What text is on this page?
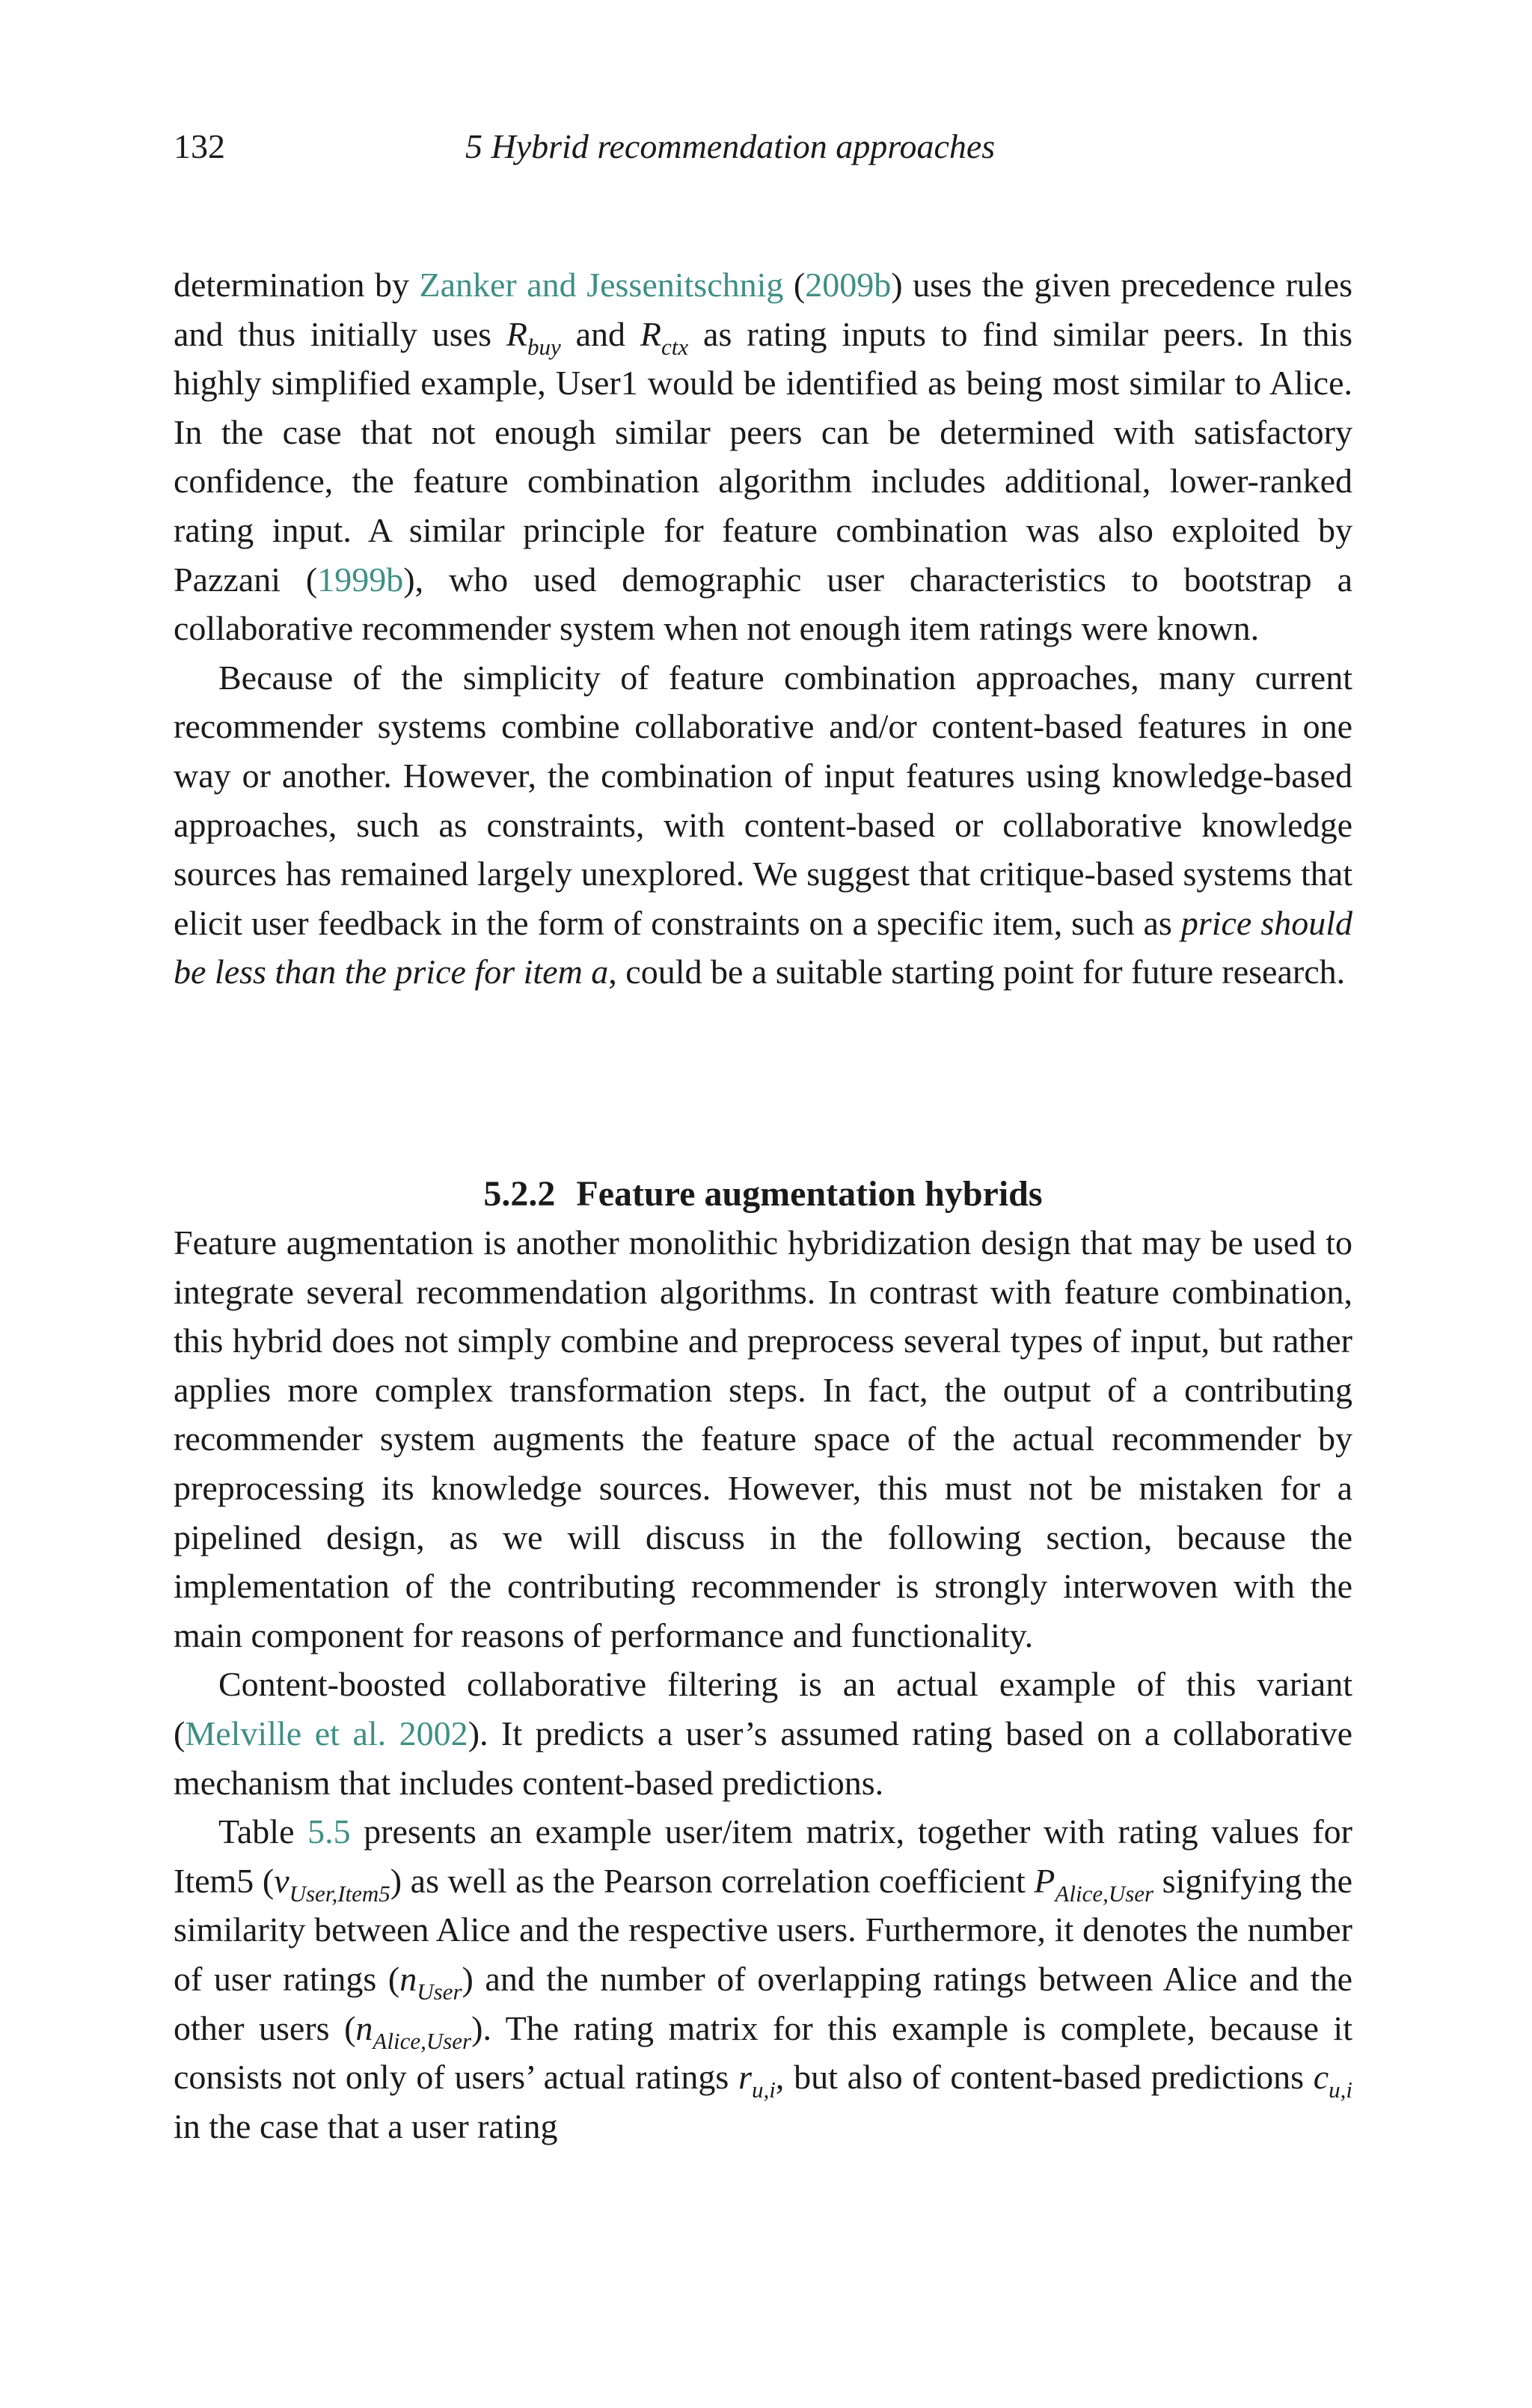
132	5 Hybrid recommendation approaches

determination by Zanker and Jessenitschnig (2009b) uses the given precedence rules and thus initially uses $R_{buy}$ and $R_{ctx}$ as rating inputs to find similar peers. In this highly simplified example, User1 would be identified as being most similar to Alice. In the case that not enough similar peers can be determined with satisfactory confidence, the feature combination algorithm includes additional, lower-ranked rating input. A similar principle for feature combination was also exploited by Pazzani (1999b), who used demographic user characteristics to bootstrap a collaborative recommender system when not enough item ratings were known.

Because of the simplicity of feature combination approaches, many current recommender systems combine collaborative and/or content-based features in one way or another. However, the combination of input features using knowledge-based approaches, such as constraints, with content-based or collaborative knowledge sources has remained largely unexplored. We suggest that critique-based systems that elicit user feedback in the form of constraints on a specific item, such as price should be less than the price for item a, could be a suitable starting point for future research.

5.2.2 Feature augmentation hybrids

Feature augmentation is another monolithic hybridization design that may be used to integrate several recommendation algorithms. In contrast with feature combination, this hybrid does not simply combine and preprocess several types of input, but rather applies more complex transformation steps. In fact, the output of a contributing recommender system augments the feature space of the actual recommender by preprocessing its knowledge sources. However, this must not be mistaken for a pipelined design, as we will discuss in the following section, because the implementation of the contributing recommender is strongly interwoven with the main component for reasons of performance and functionality.

Content-boosted collaborative filtering is an actual example of this variant (Melville et al. 2002). It predicts a user’s assumed rating based on a collaborative mechanism that includes content-based predictions.

Table 5.5 presents an example user/item matrix, together with rating values for Item5 $(v_{User,Item5})$ as well as the Pearson correlation coefficient $P_{Alice,User}$ signifying the similarity between Alice and the respective users. Furthermore, it denotes the number of user ratings $(n_{User})$ and the number of overlapping ratings between Alice and the other users $(n_{Alice,User})$. The rating matrix for this example is complete, because it consists not only of users’ actual ratings $r_{u,i}$, but also of content-based predictions $c_{u,i}$ in the case that a user rating
